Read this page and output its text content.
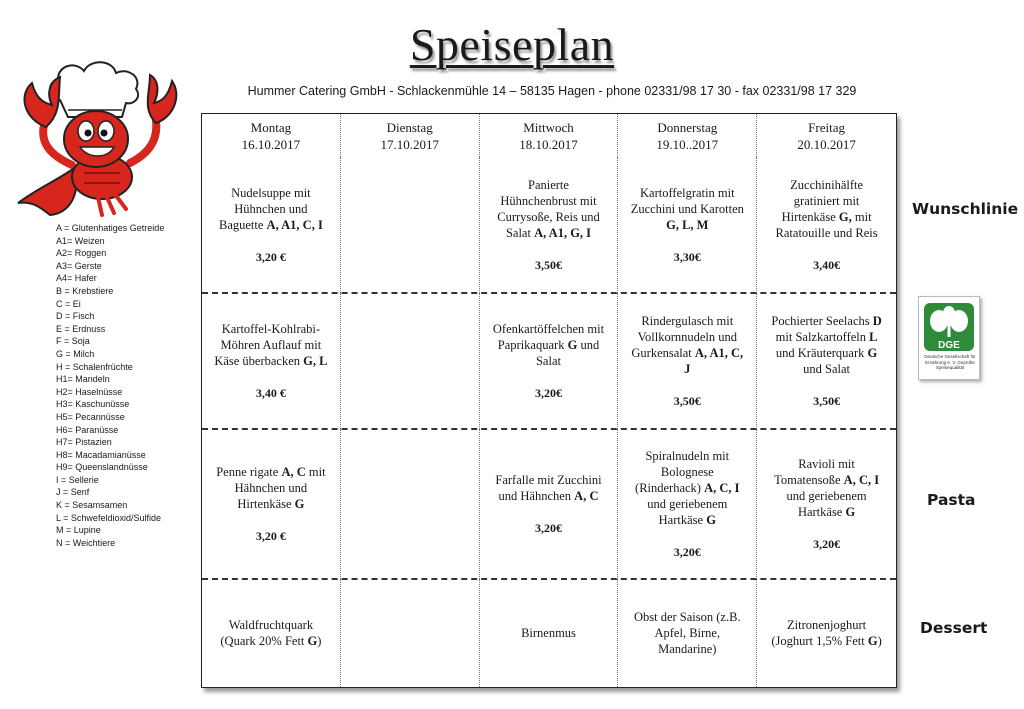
Speiseplan
Hummer Catering GmbH - Schlackenmühle 14 – 58135 Hagen - phone 02331/98 17 30 - fax 02331/98 17 329
A = Glutenhatiges Getreide
A1= Weizen
A2= Roggen
A3= Gerste
A4= Hafer
B = Krebstiere
C = Ei
D = Fisch
E = Erdnuss
F = Soja
G = Milch
H = Schalenfrüchte
H1= Mandeln
H2= Haselnüsse
H3= Kaschunüsse
H5= Pecannüsse
H6= Paranüsse
H7= Pistazien
H8= Macadamianüsse
H9= Queenslandnüsse
I = Sellerie
J = Senf
K = Sesamsamen
L = Schwefeldioxid/Sulfide
M = Lupine
N = Weichtiere
Montag
16.10.2017
Dienstag
17.10.2017
Mittwoch
18.10.2017
Donnerstag
19.10..2017
Freitag
20.10.2017
Nudelsuppe mit Hühnchen und Baguette A, A1, C, I
3,20 €
Panierte Hühnchenbrust mit Currysoße, Reis und Salat A, A1, G, I
3,50€
Kartoffelgratin mit Zucchini und Karotten G, L, M
3,30€
Zucchinihälfte gratiniert mit Hirtenkäse G, mit Ratatouille und Reis
3,40€
Kartoffel-Kohlrabi-Möhren Auflauf mit Käse überbacken G, L
3,40 €
Ofenkartöffelchen mit Paprikaquark G und Salat
3,20€
Rindergulasch mit Vollkornnudeln und Gurkensalat A, A1, C, J
3,50€
Pochierter Seelachs D mit Salzkartoffeln L und Kräuterquark G und Salat
3,50€
Penne rigate A, C mit Hähnchen und Hirtenkäse G
3,20 €
Farfalle mit Zucchini und Hähnchen A, C
3,20€
Spiralnudeln mit Bolognese (Rinderhack) A, C, I und geriebenem Hartkäse G
3,20€
Ravioli mit Tomatensoße A, C, I und geriebenem Hartkäse G
3,20€
Waldfruchtquark (Quark 20% Fett G)
Birnenmus
Obst der Saison (z.B. Apfel, Birne, Mandarine)
Zitronenjoghurt (Joghurt 1,5% Fett G)
Wunschlinie
Pasta
Dessert
DGE
Deutsche Gesellschaft für Ernährung e. V. Geprüfte Speisequalität
